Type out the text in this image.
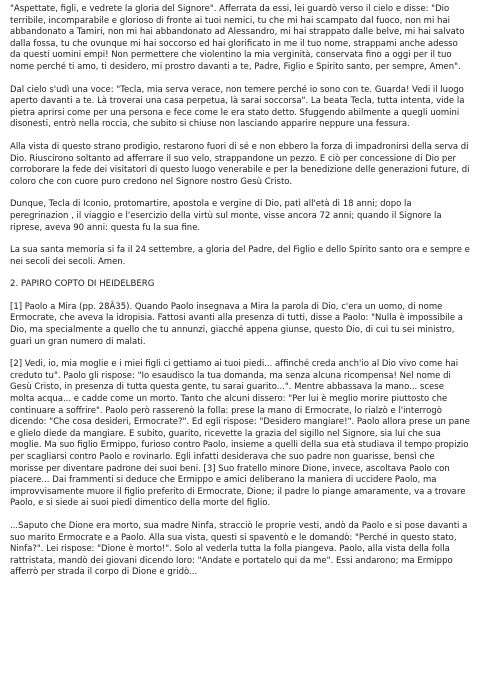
"Aspettate, figli, e vedrete la gloria del Signore". Afferrata da essi, lei guardò verso il cielo e disse: "Dio terribile, incomparabile e glorioso di fronte ai tuoi nemici, tu che mi hai scampato dal fuoco, non mi hai abbandonato a Tamiri, non mi hai abbandonato ad Alessandro, mi hai strappato dalle belve, mi hai salvato dalla fossa, tu che ovunque mi hai soccorso ed hai glorificato in me il tuo nome, strappami anche adesso da questi uomini empi! Non permettere che violentino la mia verginità, conservata fino a oggi per il tuo nome perché ti amo, ti desidero, mi prostro davanti a te, Padre, Figlio e Spirito santo, per sempre, Amen".

Dal cielo s'udì una voce: "Tecla, mia serva verace, non temere perché io sono con te. Guarda! Vedi il luogo aperto davanti a te. Là troverai una casa perpetua, là sarai soccorsa". La beata Tecla, tutta intenta, vide la pietra aprirsi come per una persona e fece come le era stato detto. Sfuggendo abilmente a quegli uomini disonesti, entrò nella roccia, che subito si chiuse non lasciando apparire neppure una fessura.

Alla vista di questo strano prodigio, restarono fuori di sé e non ebbero la forza di impadronirsi della serva di Dio. Riuscirono soltanto ad afferrare il suo velo, strappandone un pezzo. E ciò per concessione di Dio per corroborare la fede dei visitatori di questo luogo venerabile e per la benedizione delle generazioni future, di coloro che con cuore puro credono nel Signore nostro Gesù Cristo.

Dunque, Tecla di Iconio, protomartire, apostola e vergine di Dio, patì all'età di 18 anni; dopo la peregrinazion , il viaggio e l'esercizio della virtù sul monte, visse ancora 72 anni; quando il Signore la riprese, aveva 90 anni: questa fu la sua fine.

La sua santa memoria si fa il 24 settembre, a gloria del Padre, del Figlio e dello Spirito santo ora e sempre e nei secoli dei secoli. Amen.

2. PAPIRO COPTO DI HEIDELBERG

[1] Paolo a Mira (pp. 28Â35). Quando Paolo insegnava a Mira la parola di Dio, c'era un uomo, di nome Ermocrate, che aveva la idropisia. Fattosi avanti alla presenza di tutti, disse a Paolo: "Nulla è impossibile a Dio, ma specialmente a quello che tu annunzi, giacché appena giunse, questo Dio, di cui tu sei ministro, guarì un gran numero di malati.

[2] Vedi, io, mia moglie e i miei figli ci gettiamo ai tuoi piedi... affinché creda anch'io al Dio vivo come hai creduto tu". Paolo gli rispose: "Io esaudisco la tua domanda, ma senza alcuna ricompensa! Nel nome di Gesù Cristo, in presenza di tutta questa gente, tu sarai guarito...". Mentre abbassava la mano... scese molta acqua... e cadde come un morto. Tanto che alcuni dissero: "Per lui è meglio morire piuttosto che continuare a soffrire". Paolo però rasserenò la folla: prese la mano di Ermocrate, lo rialzò e l'interrogò dicendo: "Che cosa desideri, Ermocrate?". Ed egli rispose: "Desidero mangiare!". Paolo allora prese un pane e glielo diede da mangiare. E subito, guarito, ricevette la grazia del sigillo nel Signore, sia lui che sua moglie. Ma suo figlio Ermippo, furioso contro Paolo, insieme a quelli della sua età studiava il tempo propizio per scagliarsi contro Paolo e rovinarlo. Egli infatti desiderava che suo padre non guarisse, bensì che morisse per diventare padrone dei suoi beni. [3] Suo fratello minore Dione, invece, ascoltava Paolo con piacere... Dai frammenti si deduce che Ermippo e amici deliberano la maniera di uccidere Paolo, ma improvvisamente muore il figlio preferito di Ermocrate, Dione; il padre lo piange amaramente, va a trovare Paolo, e si siede ai suoi piedi dimentico della morte del figlio.

...Saputo che Dione era morto, sua madre Ninfa, stracciò le proprie vesti, andò da Paolo e si pose davanti a suo marito Ermocrate e a Paolo. Alla sua vista, questi si spaventò e le domandò: "Perché in questo stato, Ninfa?". Lei rispose: "Dione è morto!". Solo al vederla tutta la folla piangeva. Paolo, alla vista della folla rattristata, mandò dei giovani dicendo loro: "Andate e portatelo qui da me". Essi andarono; ma Ermippo afferrò per strada il corpo di Dione e gridò...
